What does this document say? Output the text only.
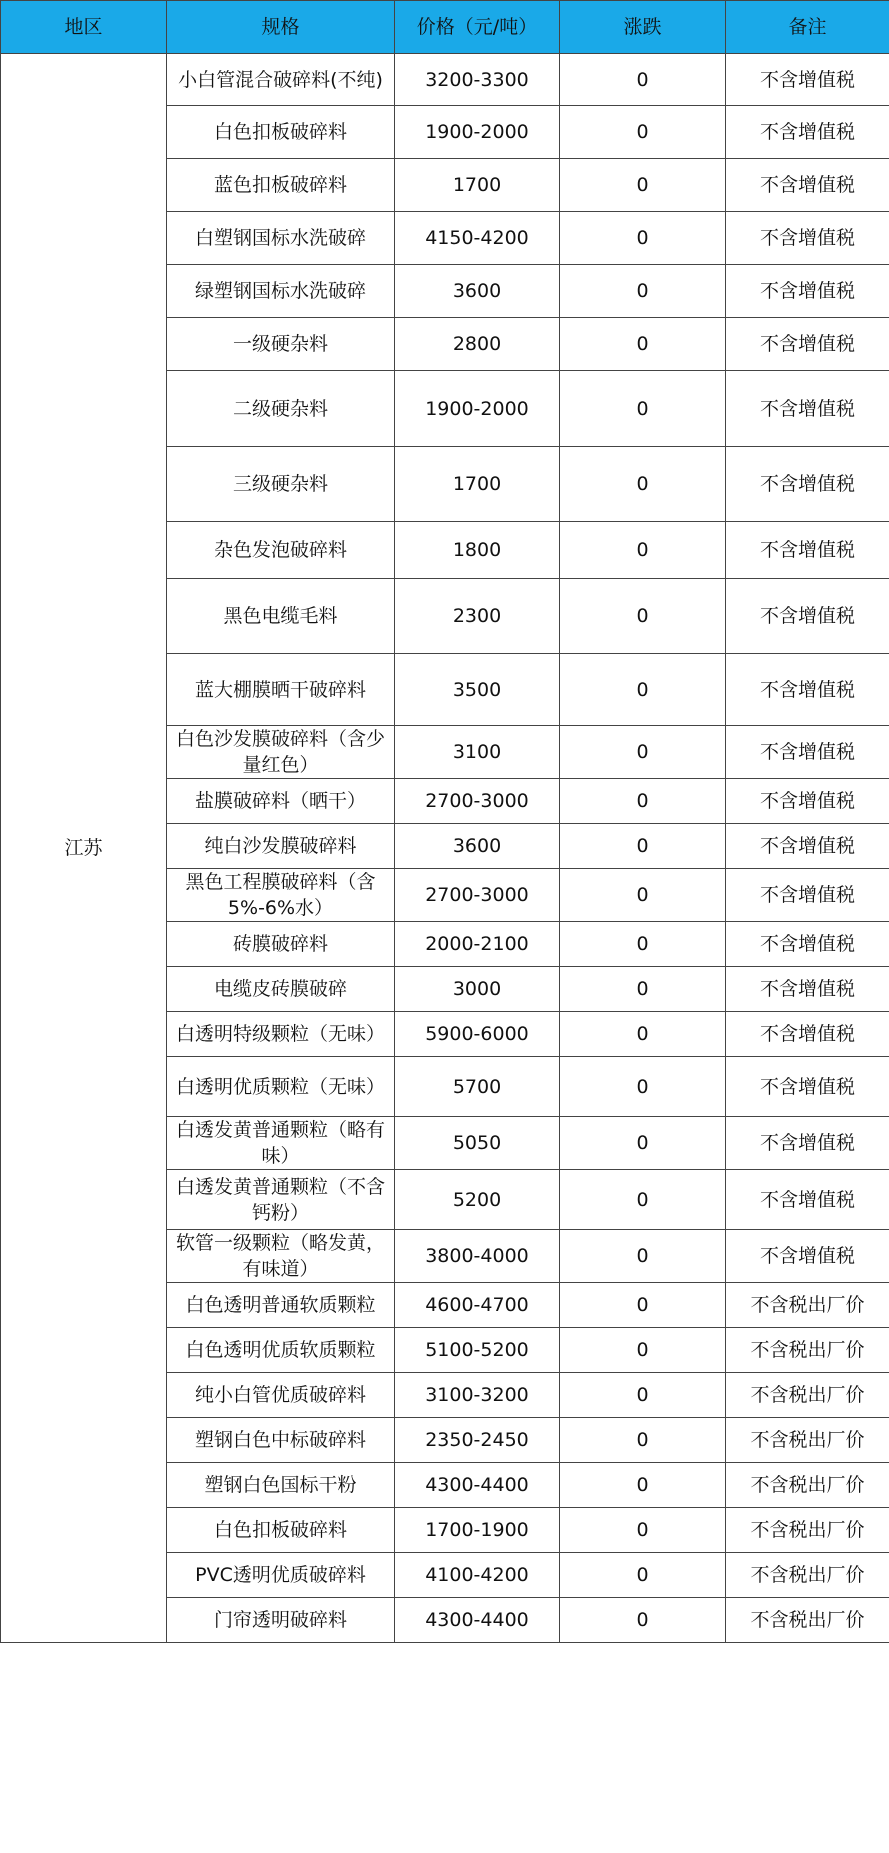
地区	规格	价格（元/吨）	涨跌	备注
江苏	小白管混合破碎料(不纯)	3200-3300	0	不含增值税
	白色扣板破碎料	1900-2000	0	不含增值税
	蓝色扣板破碎料	1700	0	不含增值税
	白塑钢国标水洗破碎	4150-4200	0	不含增值税
	绿塑钢国标水洗破碎	3600	0	不含增值税
	一级硬杂料	2800	0	不含增值税
	二级硬杂料	1900-2000	0	不含增值税
	三级硬杂料	1700	0	不含增值税
	杂色发泡破碎料	1800	0	不含增值税
	黑色电缆毛料	2300	0	不含增值税
	蓝大棚膜晒干破碎料	3500	0	不含增值税
	白色沙发膜破碎料（含少量红色）	3100	0	不含增值税
	盐膜破碎料（晒干）	2700-3000	0	不含增值税
	纯白沙发膜破碎料	3600	0	不含增值税
	黑色工程膜破碎料（含5%-6%水）	2700-3000	0	不含增值税
	砖膜破碎料	2000-2100	0	不含增值税
	电缆皮砖膜破碎	3000	0	不含增值税
	白透明特级颗粒（无味）	5900-6000	0	不含增值税
	白透明优质颗粒（无味）	5700	0	不含增值税
	白透发黄普通颗粒（略有味）	5050	0	不含增值税
	白透发黄普通颗粒（不含钙粉）	5200	0	不含增值税
	软管一级颗粒（略发黄，有味道）	3800-4000	0	不含增值税
	白色透明普通软质颗粒	4600-4700	0	不含税出厂价
	白色透明优质软质颗粒	5100-5200	0	不含税出厂价
	纯小白管优质破碎料	3100-3200	0	不含税出厂价
	塑钢白色中标破碎料	2350-2450	0	不含税出厂价
	塑钢白色国标干粉	4300-4400	0	不含税出厂价
	白色扣板破碎料	1700-1900	0	不含税出厂价
	PVC透明优质破碎料	4100-4200	0	不含税出厂价
	门帘透明破碎料	4300-4400	0	不含税出厂价
